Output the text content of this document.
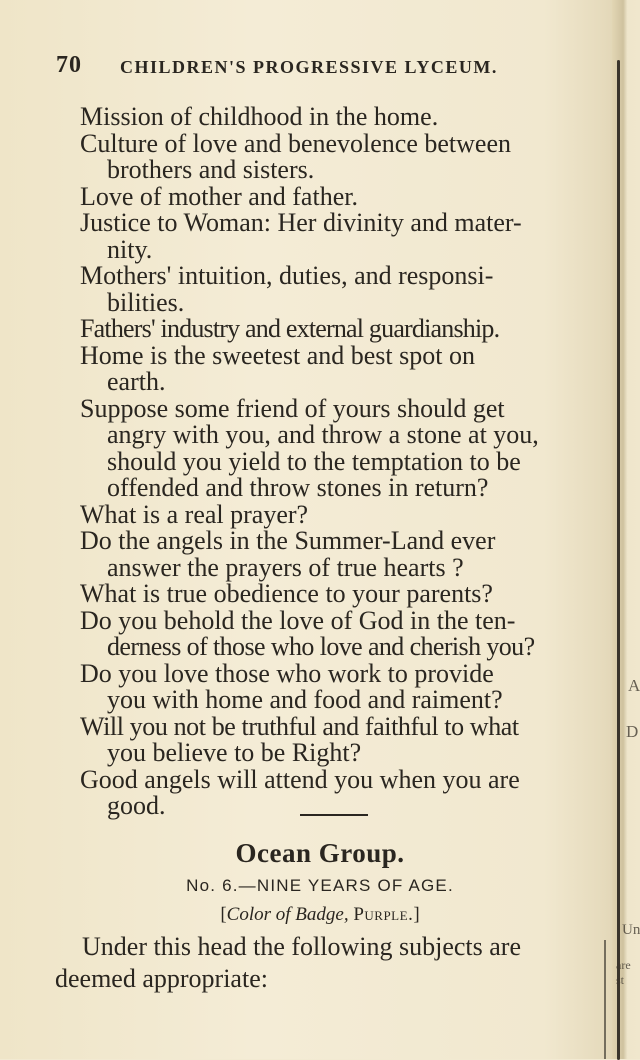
A
D
Un
are st
70 CHILDREN'S PROGRESSIVE LYCEUM.
Mission of childhood in the home.
Culture of love and benevolence between
brothers and sisters.
Love of mother and father.
Justice to Woman: Her divinity and mater-
nity.
Mothers' intuition, duties, and responsi-
bilities.
Fathers' industry and external guardianship.
Home is the sweetest and best spot on
earth.
Suppose some friend of yours should get
angry with you, and throw a stone at you,
should you yield to the temptation to be
offended and throw stones in return?
What is a real prayer?
Do the angels in the Summer-Land ever
answer the prayers of true hearts ?
What is true obedience to your parents?
Do you behold the love of God in the ten-
derness of those who love and cherish you?
Do you love those who work to provide
you with home and food and raiment?
Will you not be truthful and faithful to what
you believe to be Right?
Good angels will attend you when you are
good.
Ocean Group.
No. 6.—NINE YEARS OF AGE.
[Color of Badge, Purple.]
Under this head the following subjects are
deemed appropriate:
